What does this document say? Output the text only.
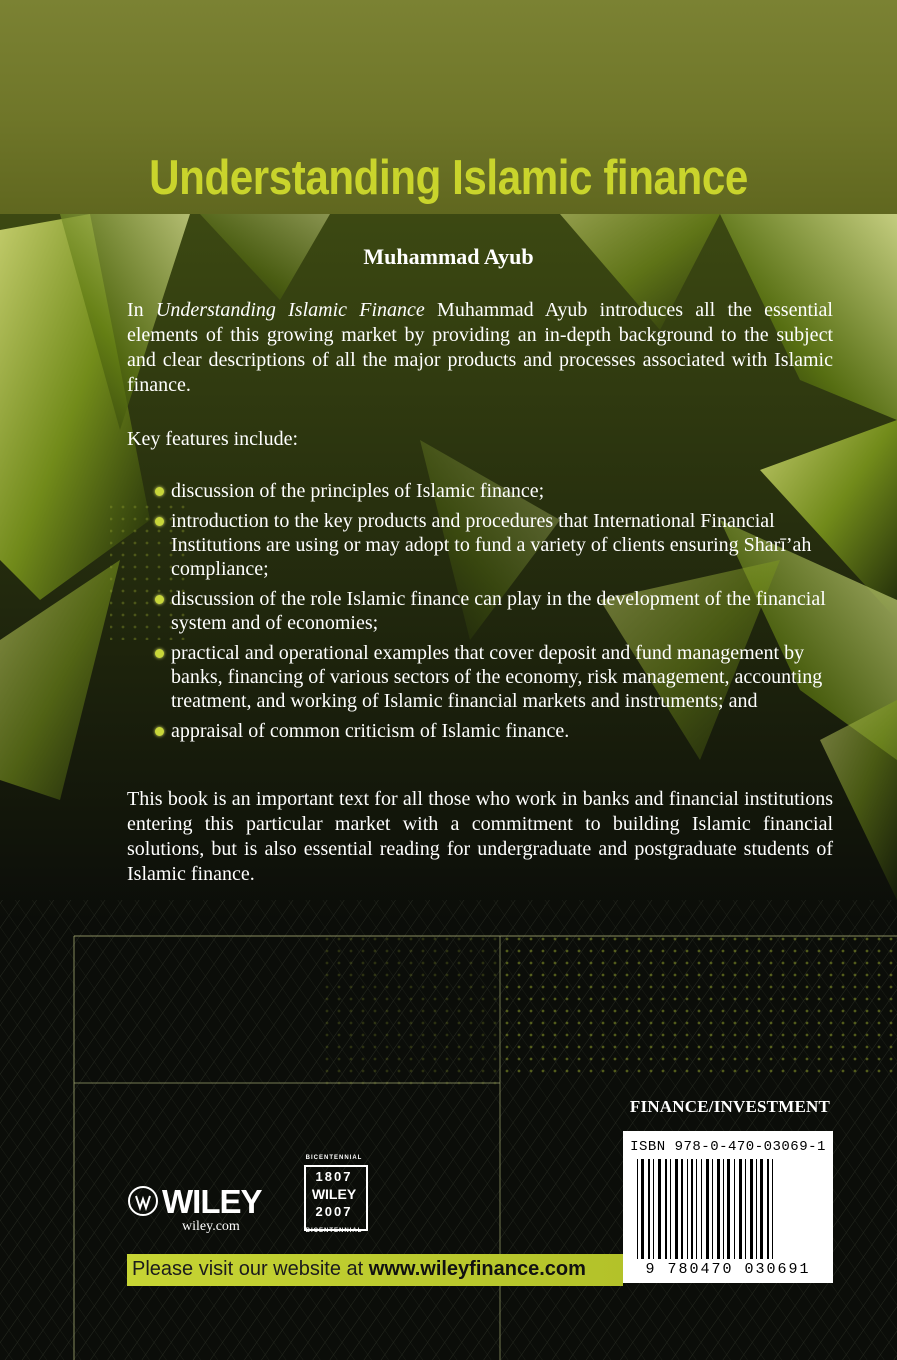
Understanding Islamic finance
Muhammad Ayub
In Understanding Islamic Finance Muhammad Ayub introduces all the essential elements of this growing market by providing an in-depth background to the subject and clear descriptions of all the major products and processes associated with Islamic finance.
Key features include:
discussion of the principles of Islamic finance;
introduction to the key products and procedures that International Financial Institutions are using or may adopt to fund a variety of clients ensuring Sharī’ah compliance;
discussion of the role Islamic finance can play in the development of the financial system and of economies;
practical and operational examples that cover deposit and fund management by banks, financing of various sectors of the economy, risk management, accounting treatment, and working of Islamic financial markets and instruments; and
appraisal of common criticism of Islamic finance.
This book is an important text for all those who work in banks and financial institutions entering this particular market with a commitment to building Islamic financial solutions, but is also essential reading for undergraduate and postgraduate students of Islamic finance.
FINANCE/INVESTMENT
ISBN 978-0-470-03069-1
9 780470 030691
WILEY
wiley.com
1807
WILEY
2007
BICENTENNIAL
BICENTENNIAL
Please visit our website at www.wileyfinance.com
